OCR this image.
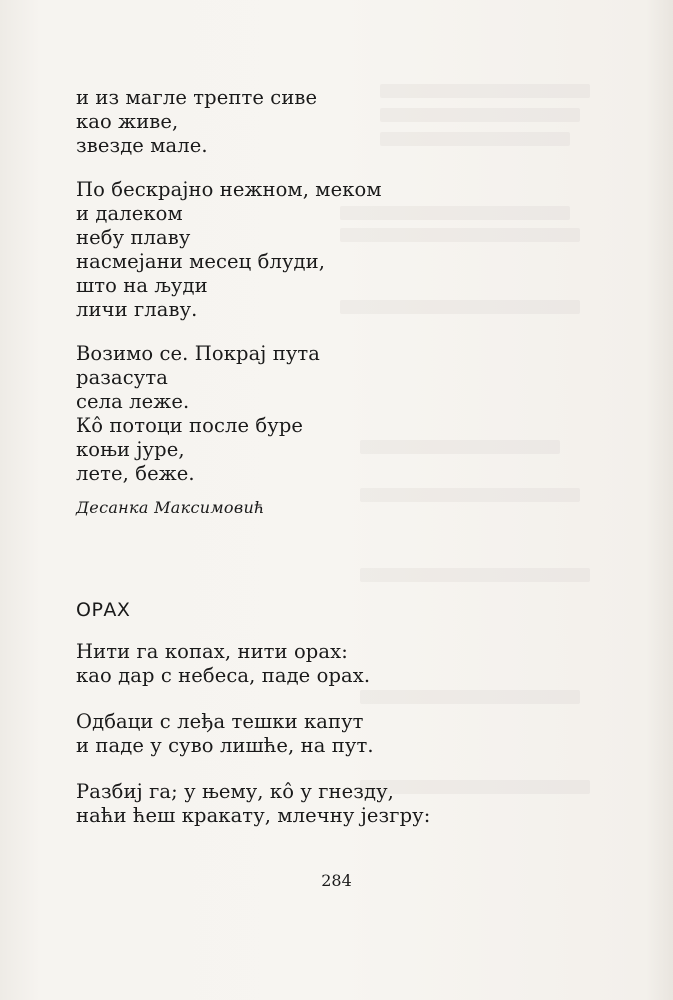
и из магле трепте сиве
као живе,
звезде мале.
По бескрајно нежном, меком
и далеком
небу плаву
насмејани месец блуди,
што на људи
личи главу.
Возимо се. Покрај пута
разасута
села леже.
Кô потоци после буре
коњи јуре,
лете, беже.
Десанка Максимовић
ОРАХ
Нити га копах, нити орах:
као дар с небеса, паде орах.
Одбаци с леђа тешки капут
и паде у суво лишће, на пут.
Разбиј га; у њему, кô у гнезду,
наћи ћеш кракату, млечну језгру:
284
